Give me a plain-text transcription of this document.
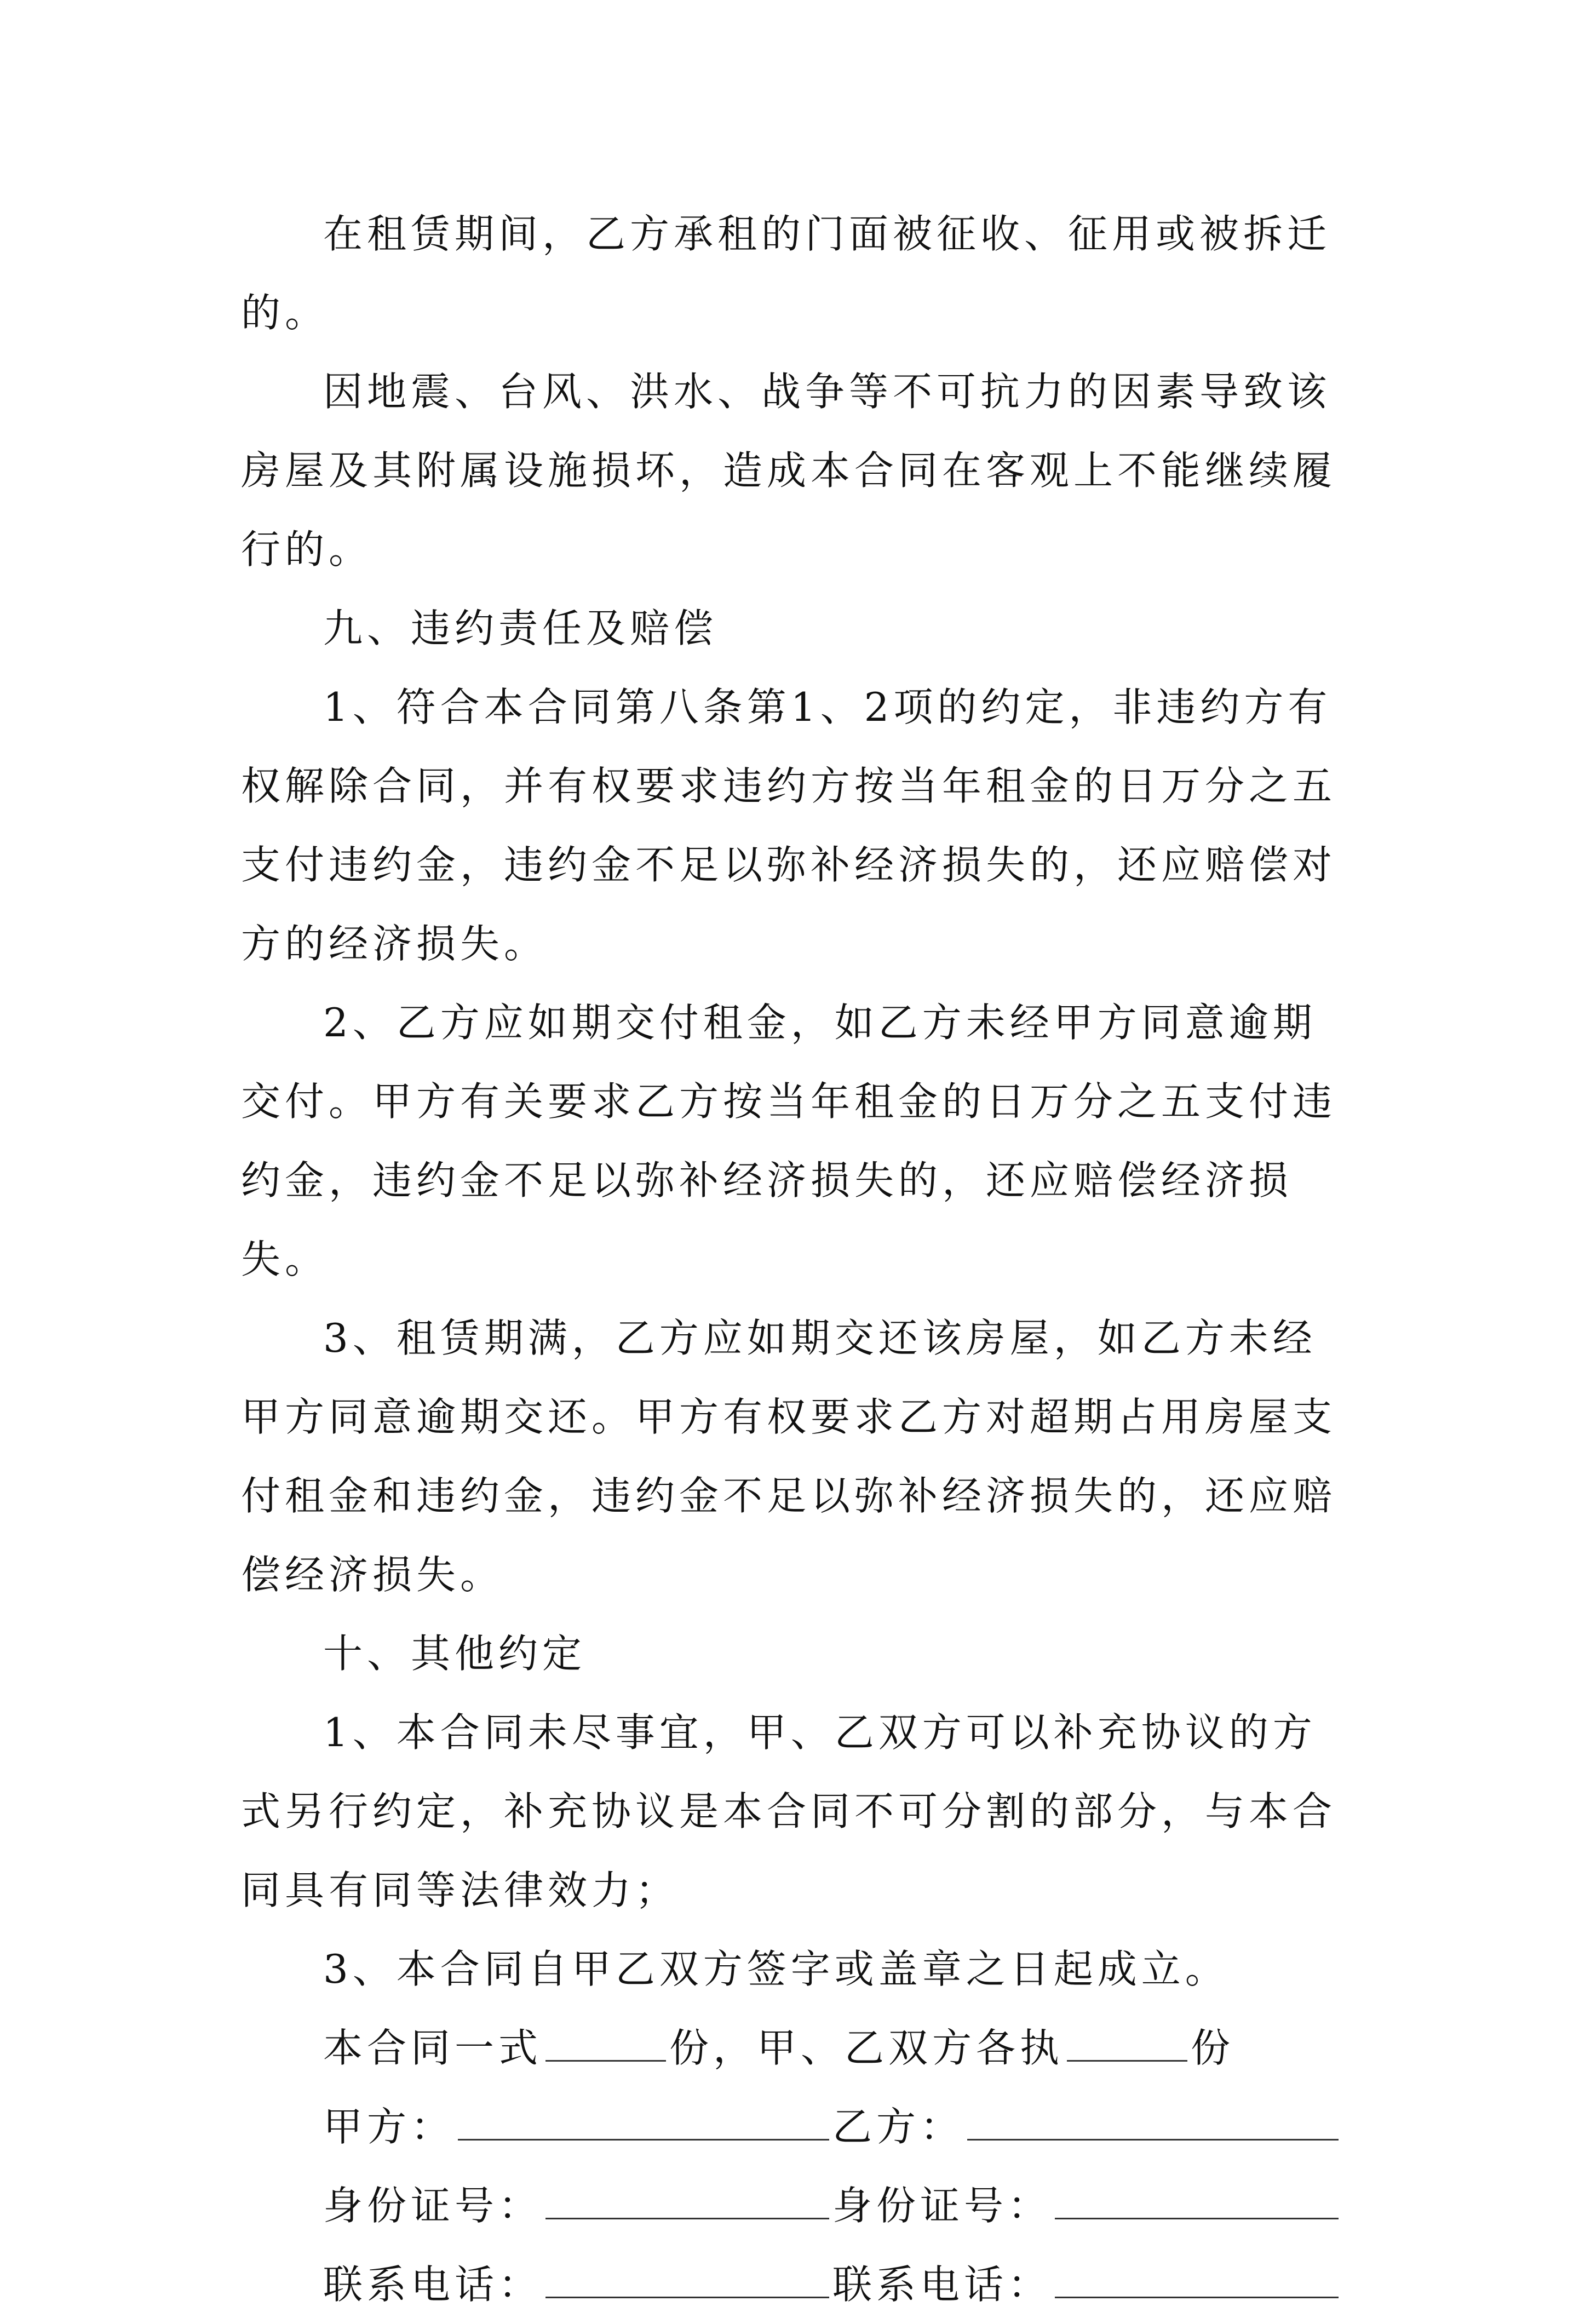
在租赁期间，乙方承租的门面被征收、征用或被拆迁的。

因地震、台风、洪水、战争等不可抗力的因素导致该房屋及其附属设施损坏，造成本合同在客观上不能继续履行的。

九、违约责任及赔偿

1、符合本合同第八条第1、2项的约定，非违约方有权解除合同，并有权要求违约方按当年租金的日万分之五支付违约金，违约金不足以弥补经济损失的，还应赔偿对方的经济损失。

2、乙方应如期交付租金，如乙方未经甲方同意逾期交付。甲方有关要求乙方按当年租金的日万分之五支付违约金，违约金不足以弥补经济损失的，还应赔偿经济损失。

3、租赁期满，乙方应如期交还该房屋，如乙方未经甲方同意逾期交还。甲方有权要求乙方对超期占用房屋支付租金和违约金，违约金不足以弥补经济损失的，还应赔偿经济损失。

十、其他约定

1、本合同未尽事宜，甲、乙双方可以补充协议的方式另行约定，补充协议是本合同不可分割的部分，与本合同具有同等法律效力；

3、本合同自甲乙双方签字或盖章之日起成立。

本合同一式	份，甲、乙双方各执	份
甲方：	乙方：
身份证号：	身份证号：
联系电话：	联系电话：
